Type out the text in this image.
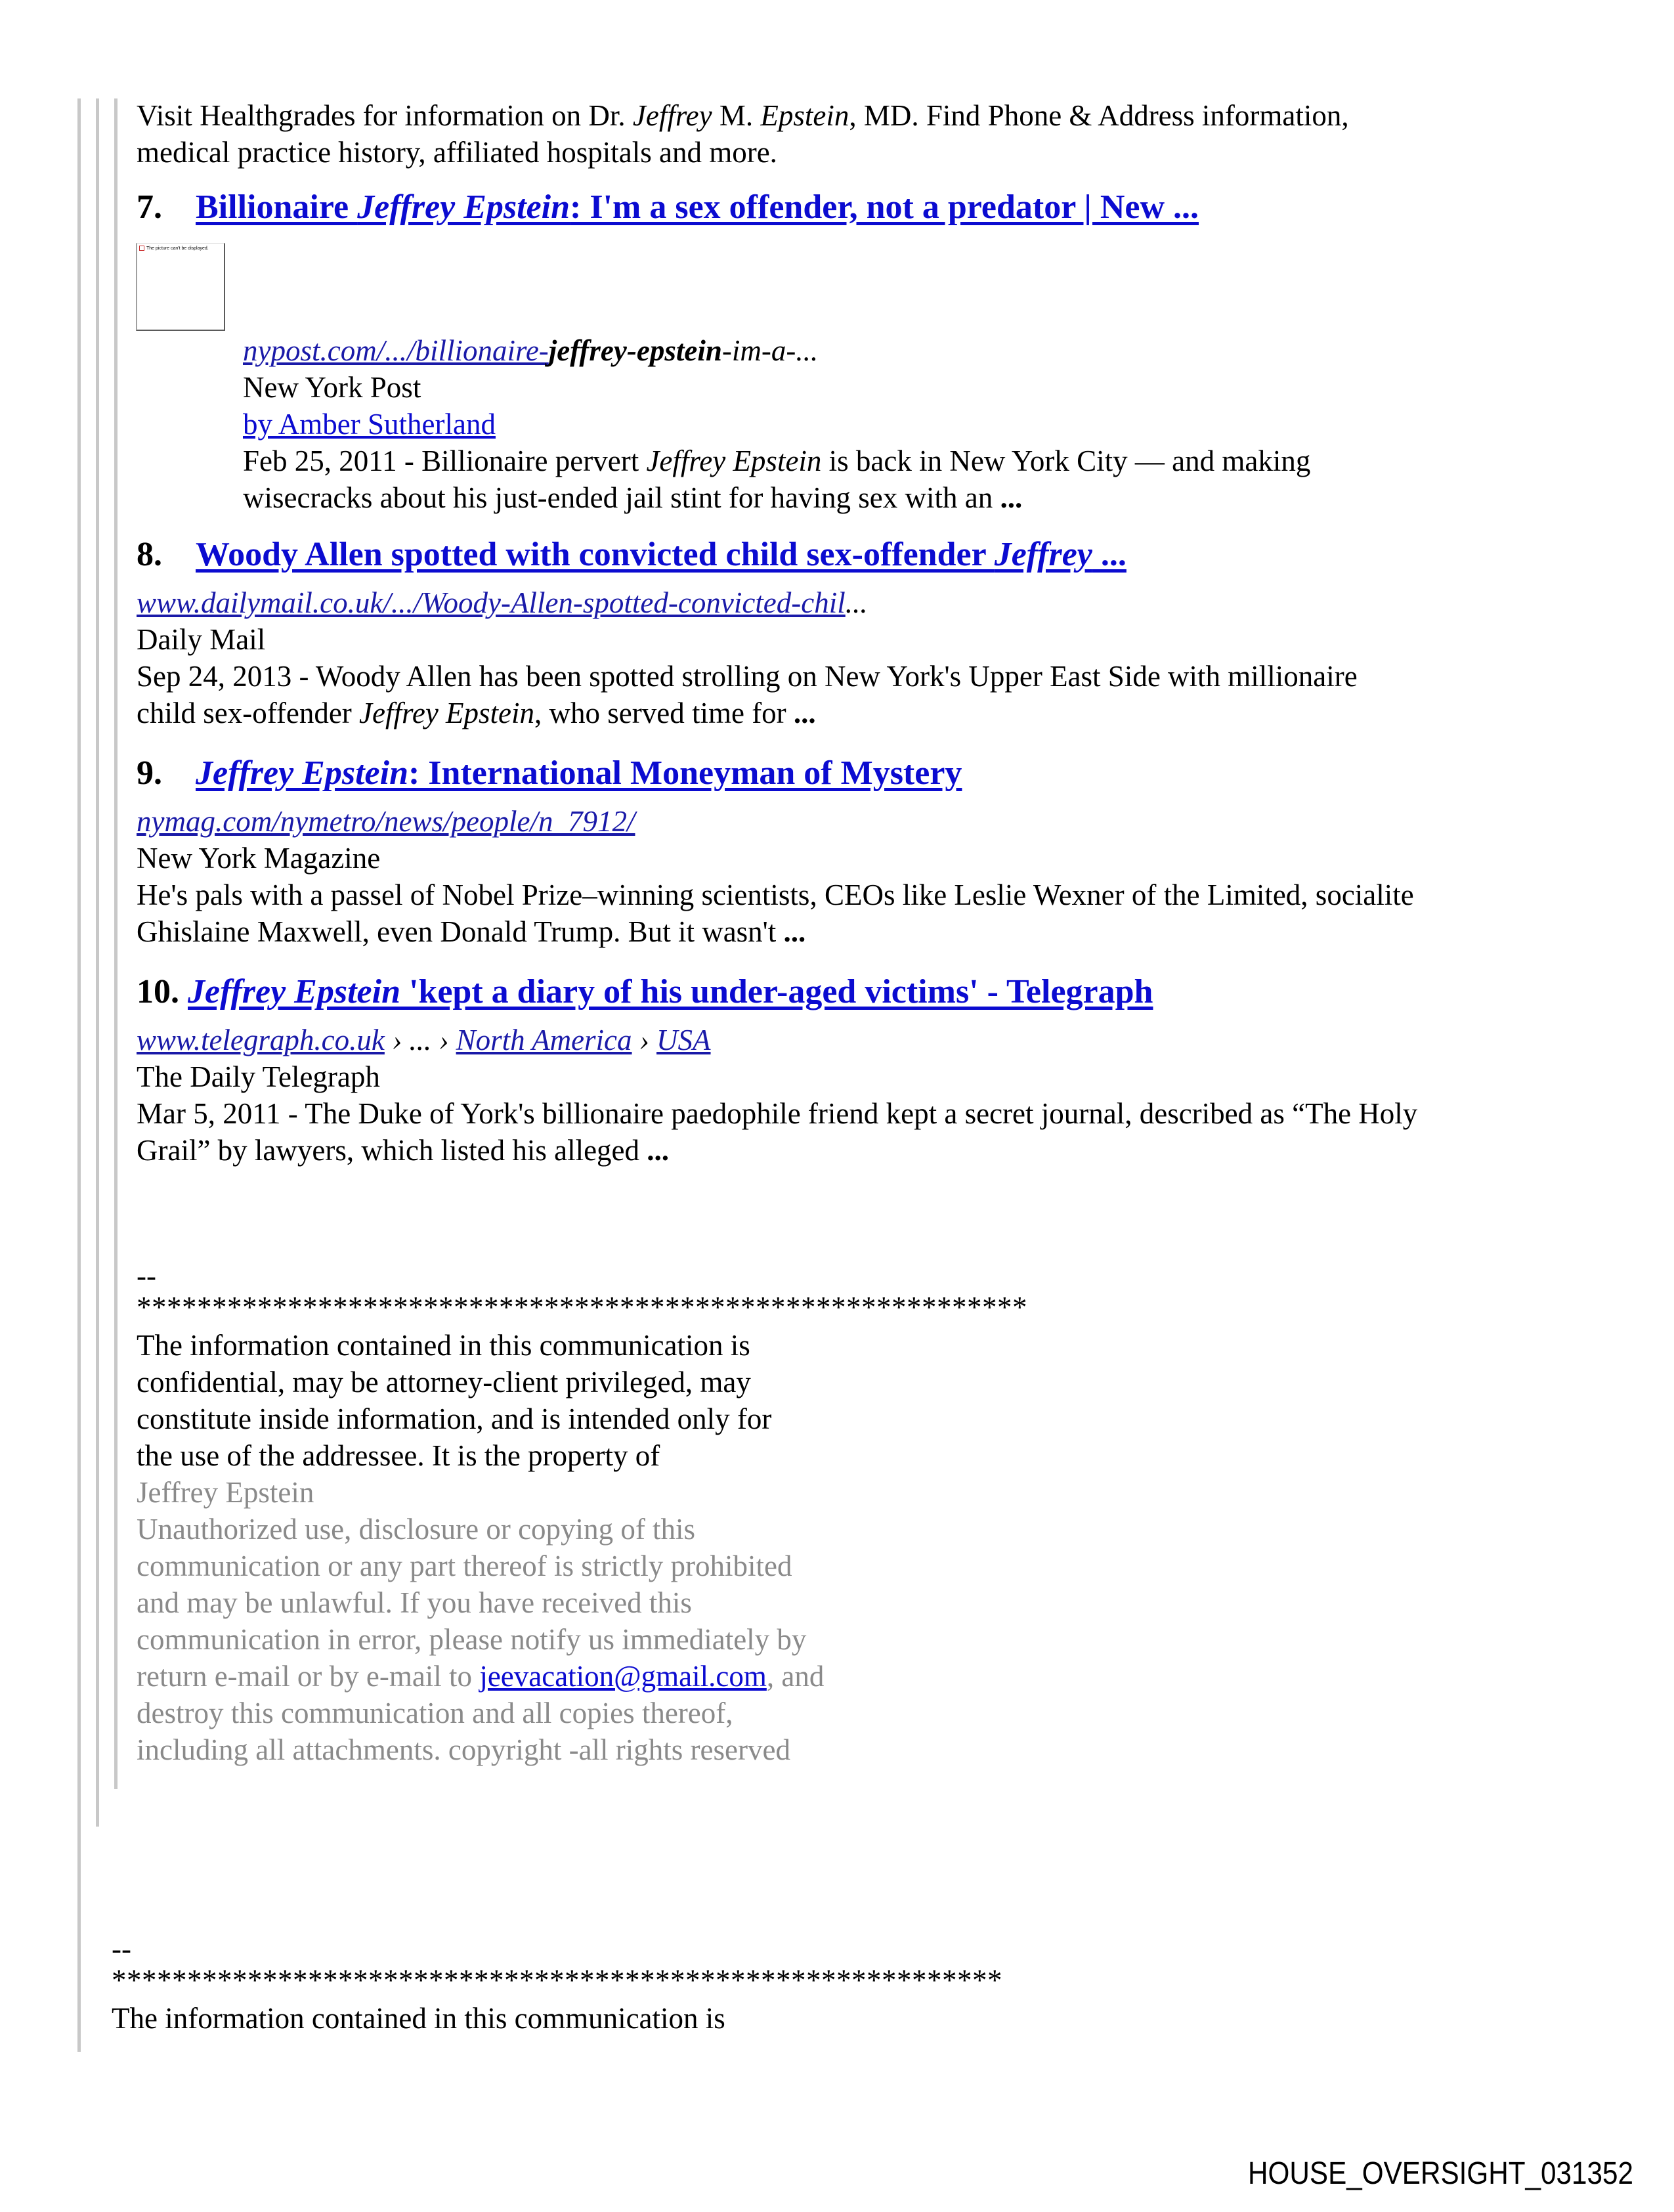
Visit Healthgrades for information on Dr. Jeffrey M. Epstein, MD. Find Phone & Address information,
medical practice history, affiliated hospitals and more.

7. Billionaire Jeffrey Epstein: I'm a sex offender, not a predator | New ...

The picture can't be displayed.
nypost.com/.../billionaire-jeffrey-epstein-im-a-...
New York Post
by Amber Sutherland
Feb 25, 2011 - Billionaire pervert Jeffrey Epstein is back in New York City — and making
wisecracks about his just-ended jail stint for having sex with an ...

8. Woody Allen spotted with convicted child sex-offender Jeffrey ...

www.dailymail.co.uk/.../Woody-Allen-spotted-convicted-chil...
Daily Mail
Sep 24, 2013 - Woody Allen has been spotted strolling on New York's Upper East Side with millionaire
child sex-offender Jeffrey Epstein, who served time for ...

9. Jeffrey Epstein: International Moneyman of Mystery

nymag.com/nymetro/news/people/n_7912/
New York Magazine
He's pals with a passel of Nobel Prize–winning scientists, CEOs like Leslie Wexner of the Limited, socialite
Ghislaine Maxwell, even Donald Trump. But it wasn't ...

10. Jeffrey Epstein 'kept a diary of his under-aged victims' - Telegraph

www.telegraph.co.uk › ... › North America › USA
The Daily Telegraph
Mar 5, 2011 - The Duke of York's billionaire paedophile friend kept a secret journal, described as “The Holy
Grail” by lawyers, which listed his alleged ...
--
***********************************************************
The information contained in this communication is
confidential, may be attorney-client privileged, may
constitute inside information, and is intended only for
the use of the addressee. It is the property of
Jeffrey Epstein
Unauthorized use, disclosure or copying of this
communication or any part thereof is strictly prohibited
and may be unlawful. If you have received this
communication in error, please notify us immediately by
return e-mail or by e-mail to jeevacation@gmail.com, and
destroy this communication and all copies thereof,
including all attachments. copyright -all rights reserved
--
***********************************************************
The information contained in this communication is
HOUSE_OVERSIGHT_031352
